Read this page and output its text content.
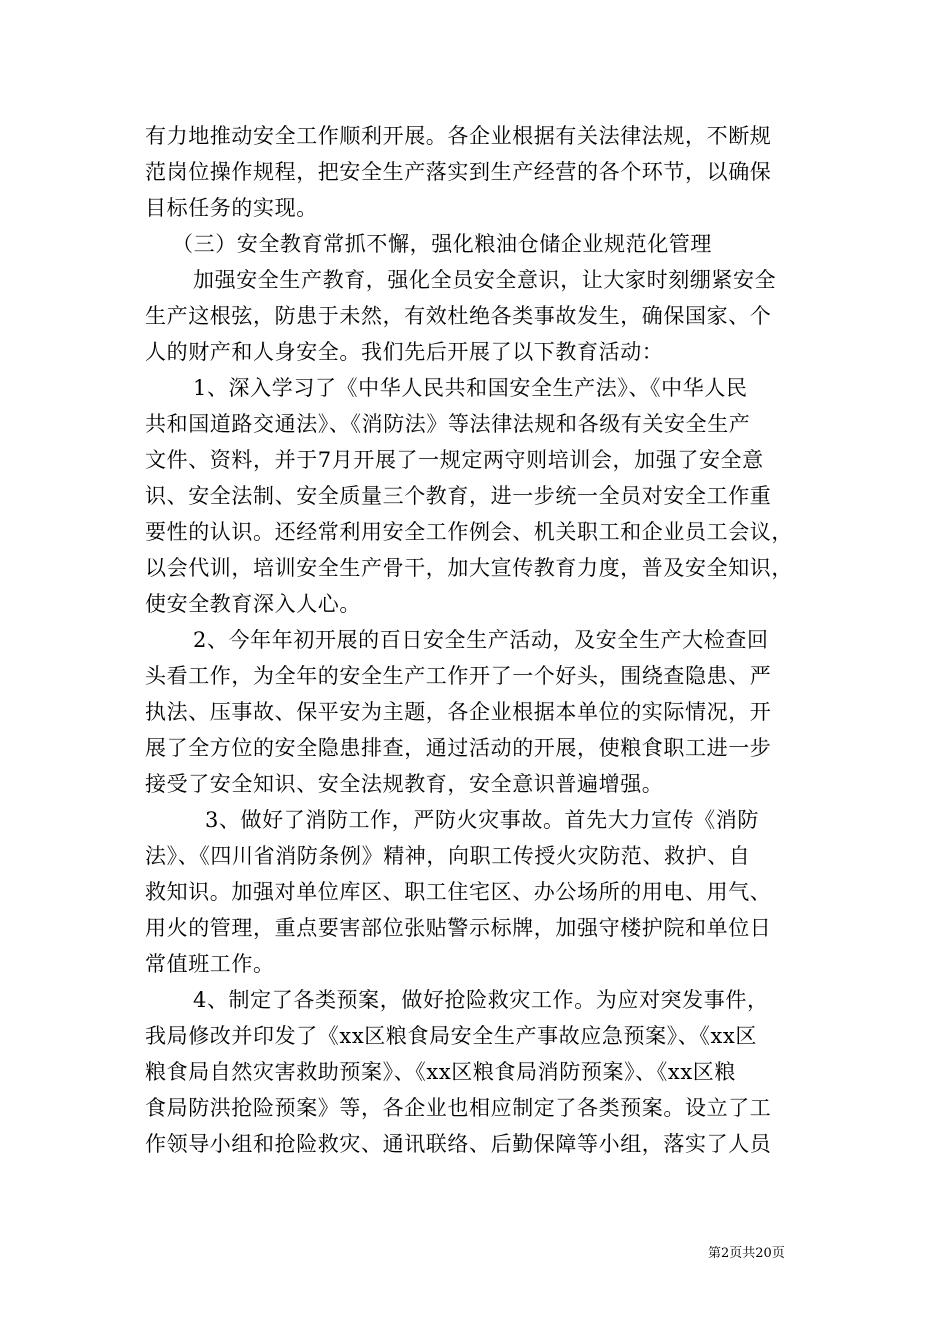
有力地推动安全工作顺利开展。各企业根据有关法律法规，不断规
范岗位操作规程，把安全生产落实到生产经营的各个环节，以确保
目标任务的实现。
（三）安全教育常抓不懈，强化粮油仓储企业规范化管理
加强安全生产教育，强化全员安全意识，让大家时刻绷紧安全
生产这根弦，防患于未然，有效杜绝各类事故发生，确保国家、个
人的财产和人身安全。我们先后开展了以下教育活动：
1、深入学习了《中华人民共和国安全生产法》、《中华人民
共和国道路交通法》、《消防法》等法律法规和各级有关安全生产
文件、资料，并于7月开展了一规定两守则培训会，加强了安全意
识、安全法制、安全质量三个教育，进一步统一全员对安全工作重
要性的认识。还经常利用安全工作例会、机关职工和企业员工会议，
以会代训，培训安全生产骨干，加大宣传教育力度，普及安全知识，
使安全教育深入人心。
2、今年年初开展的百日安全生产活动，及安全生产大检查回
头看工作，为全年的安全生产工作开了一个好头，围绕查隐患、严
执法、压事故、保平安为主题，各企业根据本单位的实际情况，开
展了全方位的安全隐患排查，通过活动的开展，使粮食职工进一步
接受了安全知识、安全法规教育，安全意识普遍增强。
3、做好了消防工作，严防火灾事故。首先大力宣传《消防
法》、《四川省消防条例》精神，向职工传授火灾防范、救护、自
救知识。加强对单位库区、职工住宅区、办公场所的用电、用气、
用火的管理，重点要害部位张贴警示标牌，加强守楼护院和单位日
常值班工作。
4、制定了各类预案，做好抢险救灾工作。为应对突发事件，
我局修改并印发了《xx区粮食局安全生产事故应急预案》、《xx区
粮食局自然灾害救助预案》、《xx区粮食局消防预案》、《xx区粮
食局防洪抢险预案》等，各企业也相应制定了各类预案。设立了工
作领导小组和抢险救灾、通讯联络、后勤保障等小组，落实了人员
第2页共20页
